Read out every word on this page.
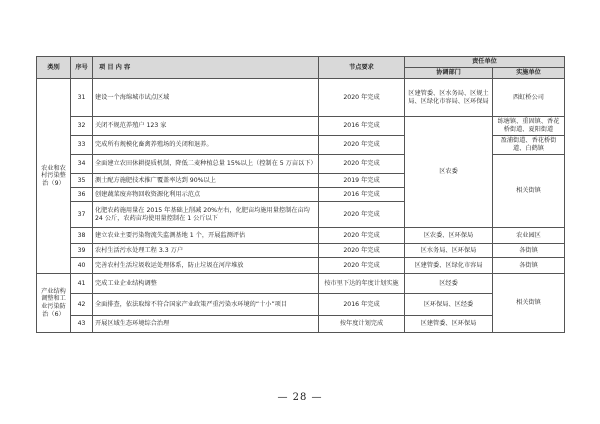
类别	序号	项 目 内 容	节点要求	责任单位	
				协调部门	实施单位
农业和农村污染整治（9）	31	建设一个海绵城市试点区域	2020 年完成	区建管委、区水务局、区规土局、区绿化市容局、区环保局	西虹桥公司
	32	关闭不规范养殖户 123 家	2016 年完成	区农委	练塘镇、重固镇、香花桥街道、夏阳街道
	33	完成所有规模化畜禽养殖场的关闭和退养。	2020 年完成		盈浦街道、香花桥街道、白鹤镇
	34	全面建立农田休耕提质机制，降低二麦种植总量 15%以上（控制在 5 万亩以下）	2020 年完成		相关街镇
	35	测土配方施肥技术推广覆盖率达到 90%以上	2019 年完成		
	36	创建蔬菜废弃物回收资源化利用示范点	2016 年完成		
	37	化肥农药施用量在 2015 年基础上削减 20%左右，化肥亩均施用量控制在亩均 24 公斤，农药亩均使用量控制在 1 公斤以下	2020 年完成		
	38	建立农业主要污染物流失监测基地 1 个，开展监测评估	2020 年完成	区农委、区环保局	农业园区
	39	农村生活污水处理工程 3.3 万户	2020 年完成	区水务局、区环保局	各街镇
	40	完善农村生活垃圾收运处理体系，防止垃圾在河岸堆放	2020 年完成	区建管委、区绿化市容局	各街镇
产业结构调整和工业污染防治（6）	41	完成工业企业结构调整	按市里下达的年度计划实施	区经委	相关街镇
	42	全面排查，依法取缔不符合国家产业政策严重污染水环境的“十小”项目	2016 年完成	区环保局、区经委	
	43	开展区域生态环境综合治理	按年度计划完成	区建管委、区环保局	
— 28 —
